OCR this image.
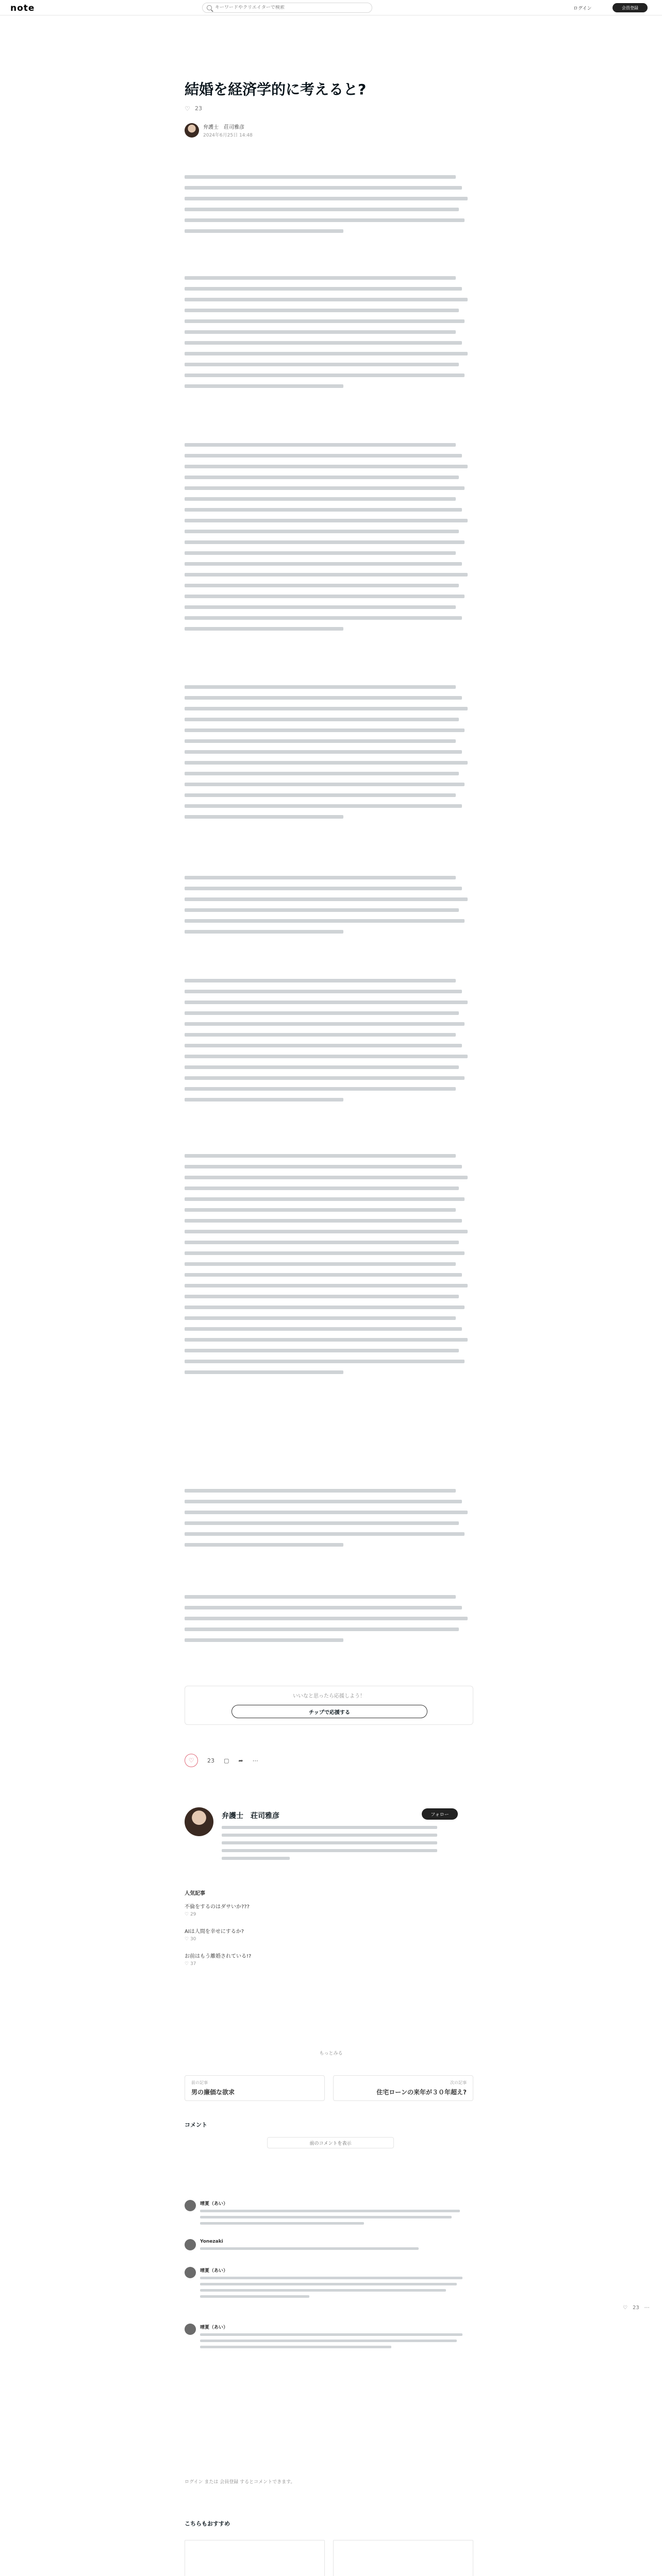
note
キーワードやクリエイターで検索	ログイン	会員登録
結婚を経済学的に考えると?
♡ 23
弁護士　荘司雅彦
2024年6月25日 14:48
いいなと思ったら応援しよう！
チップで応援する
♡	23 ▢ ➦ ⋯
弁護士　荘司雅彦	フォロー
人気記事
不倫をするのはダサいか???
♡ 29
AIは人間を幸せにするか?
♡ 30
お前はもう離婚されている!?
♡ 37
もっとみる
前の記事
男の廉価な欲求
次の記事
住宅ローンの来年が３０年超え?
コメント
前のコメントを表示
晴夏（あい）
Yonezaki
晴夏（あい）
晴夏（あい）
ログイン または 会員登録 するとコメントできます。
♡ 23 ⋯
こちらもおすすめ
